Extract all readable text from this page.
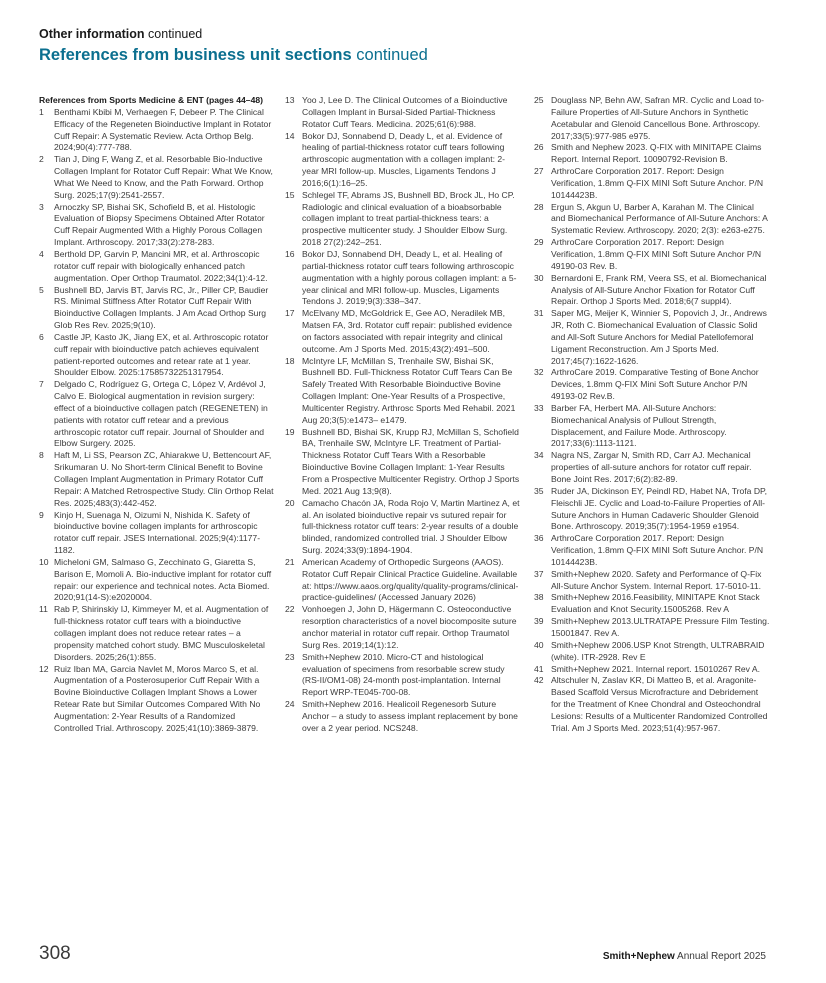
Other information continued
References from business unit sections continued
References from Sports Medicine & ENT (pages 44–48)
1	Benthami Kbibi M, Verhaegen F, Debeer P. The Clinical Efficacy of the Regeneten Bioinductive Implant in Rotator Cuff Repair: A Systematic Review. Acta Orthop Belg. 2024;90(4):777-788.
2	Tian J, Ding F, Wang Z, et al. Resorbable Bio-Inductive Collagen Implant for Rotator Cuff Repair: What We Know, What We Need to Know, and the Path Forward. Orthop Surg. 2025;17(9):2541-2557.
3	Arnoczky SP, Bishai SK, Schofield B, et al. Histologic Evaluation of Biopsy Specimens Obtained After Rotator Cuff Repair Augmented With a Highly Porous Collagen Implant. Arthroscopy. 2017;33(2):278-283.
4	Berthold DP, Garvin P, Mancini MR, et al. Arthroscopic rotator cuff repair with biologically enhanced patch augmentation. Oper Orthop Traumatol. 2022;34(1):4-12.
5	Bushnell BD, Jarvis BT, Jarvis RC, Jr., Piller CP, Baudier RS. Minimal Stiffness After Rotator Cuff Repair With Bioinductive Collagen Implants. J Am Acad Orthop Surg Glob Res Rev. 2025;9(10).
6	Castle JP, Kasto JK, Jiang EX, et al. Arthroscopic rotator cuff repair with bioinductive patch achieves equivalent patient-reported outcomes and retear rate at 1 year. Shoulder Elbow. 2025:17585732251317954.
7	Delgado C, Rodríguez G, Ortega C, López V, Ardévol J, Calvo E. Biological augmentation in revision surgery: effect of a bioinductive collagen patch (REGENETEN) in patients with rotator cuff retear and a previous arthroscopic rotator cuff repair. Journal of Shoulder and Elbow Surgery. 2025.
8	Haft M, Li SS, Pearson ZC, Ahiarakwe U, Bettencourt AF, Srikumaran U. No Short-term Clinical Benefit to Bovine Collagen Implant Augmentation in Primary Rotator Cuff Repair: A Matched Retrospective Study. Clin Orthop Relat Res. 2025;483(3):442-452.
9	Kinjo H, Suenaga N, Oizumi N, Nishida K. Safety of bioinductive bovine collagen implants for arthroscopic rotator cuff repair. JSES International. 2025;9(4):1177-1182.
10 Micheloni GM, Salmaso G, Zecchinato G, Giaretta S, Barison E, Momoli A. Bio-inductive implant for rotator cuff repair: our experience and technical notes. Acta Biomed. 2020;91(14-S):e2020004.
11 Rab P, Shirinskiy IJ, Kimmeyer M, et al. Augmentation of full-thickness rotator cuff tears with a bioinductive collagen implant does not reduce retear rates – a propensity matched cohort study. BMC Musculoskeletal Disorders. 2025;26(1):855.
12 Ruiz Iban MA, Garcia Navlet M, Moros Marco S, et al. Augmentation of a Posterosuperior Cuff Repair With a Bovine Bioinductive Collagen Implant Shows a Lower Retear Rate but Similar Outcomes Compared With No Augmentation: 2-Year Results of a Randomized Controlled Trial. Arthroscopy. 2025;41(10):3869-3879.
13 Yoo J, Lee D. The Clinical Outcomes of a Bioinductive Collagen Implant in Bursal-Sided Partial-Thickness Rotator Cuff Tears. Medicina. 2025;61(6):988.
14 Bokor DJ, Sonnabend D, Deady L, et al. Evidence of healing of partial-thickness rotator cuff tears following arthroscopic augmentation with a collagen implant: 2-year MRI follow-up. Muscles, Ligaments Tendons J 2016;6(1):16–25.
15 Schlegel TF, Abrams JS, Bushnell BD, Brock JL, Ho CP. Radiologic and clinical evaluation of a bioabsorbable collagen implant to treat partial-thickness tears: a prospective multicenter study. J Shoulder Elbow Surg. 2018 27(2):242–251.
16 Bokor DJ, Sonnabend DH, Deady L, et al. Healing of partial-thickness rotator cuff tears following arthroscopic augmentation with a highly porous collagen implant: a 5-year clinical and MRI follow-up. Muscles, Ligaments Tendons J. 2019;9(3):338–347.
17 McElvany MD, McGoldrick E, Gee AO, Neradilek MB, Matsen FA, 3rd. Rotator cuff repair: published evidence on factors associated with repair integrity and clinical outcome. Am J Sports Med. 2015;43(2):491–500.
18 McIntyre LF, McMillan S, Trenhaile SW, Bishai SK, Bushnell BD. Full-Thickness Rotator Cuff Tears Can Be Safely Treated With Resorbable Bioinductive Bovine Collagen Implant: One-Year Results of a Prospective, Multicenter Registry. Arthrosc Sports Med Rehabil. 2021 Aug 20;3(5):e1473– e1479.
19 Bushnell BD, Bishai SK, Krupp RJ, McMillan S, Schofield BA, Trenhaile SW, McIntyre LF. Treatment of Partial-Thickness Rotator Cuff Tears With a Resorbable Bioinductive Bovine Collagen Implant: 1-Year Results From a Prospective Multicenter Registry. Orthop J Sports Med. 2021 Aug 13;9(8).
20 Camacho Chacón JA, Roda Rojo V, Martin Martinez A, et al. An isolated bioinductive repair vs sutured repair for full-thickness rotator cuff tears: 2-year results of a double blinded, randomized controlled trial. J Shoulder Elbow Surg. 2024;33(9):1894-1904.
21 American Academy of Orthopedic Surgeons (AAOS). Rotator Cuff Repair Clinical Practice Guideline. Available at: https://www.aaos.org/quality/quality-programs/clinical-practice-guidelines/ (Accessed January 2026)
22 Vonhoegen J, John D, Hägermann C. Osteoconductive resorption characteristics of a novel biocomposite suture anchor material in rotator cuff repair. Orthop Traumatol Surg Res. 2019;14(1):12.
23 Smith+Nephew 2010. Micro-CT and histological evaluation of specimens from resorbable screw study (RS-II/OM1-08) 24-month post-implantation. Internal Report WRP-TE045-700-08.
24 Smith+Nephew 2016. Healicoil Regenesorb Suture Anchor – a study to assess implant replacement by bone over a 2 year period. NCS248.
25 Douglass NP, Behn AW, Safran MR. Cyclic and Load to-Failure Properties of All-Suture Anchors in Synthetic Acetabular and Glenoid Cancellous Bone. Arthroscopy. 2017;33(5):977-985 e975.
26 Smith and Nephew 2023. Q-FIX with MINITAPE Claims Report. Internal Report. 10090792-Revision B.
27 ArthroCare Corporation 2017. Report: Design Verification, 1.8mm Q-FIX MINI Soft Suture Anchor. P/N 10144423B.
28 Ergun S, Akgun U, Barber A, Karahan M. The Clinical and Biomechanical Performance of All-Suture Anchors: A Systematic Review. Arthroscopy. 2020; 2(3): e263-e275.
29 ArthroCare Corporation 2017. Report: Design Verification, 1.8mm Q-FIX MINI Soft Suture Anchor P/N 49190-03 Rev. B.
30 Bernardoni E, Frank RM, Veera SS, et al. Biomechanical Analysis of All-Suture Anchor Fixation for Rotator Cuff Repair. Orthop J Sports Med. 2018;6(7 suppl4).
31 Saper MG, Meijer K, Winnier S, Popovich J, Jr., Andrews JR, Roth C. Biomechanical Evaluation of Classic Solid and All-Soft Suture Anchors for Medial Patellofemoral Ligament Reconstruction. Am J Sports Med. 2017;45(7):1622-1626.
32 ArthroCare 2019. Comparative Testing of Bone Anchor Devices, 1.8mm Q-FIX Mini Soft Suture Anchor P/N 49193-02 Rev.B.
33 Barber FA, Herbert MA. All-Suture Anchors: Biomechanical Analysis of Pullout Strength, Displacement, and Failure Mode. Arthroscopy. 2017;33(6):1113-1121.
34 Nagra NS, Zargar N, Smith RD, Carr AJ. Mechanical properties of all-suture anchors for rotator cuff repair. Bone Joint Res. 2017;6(2):82-89.
35 Ruder JA, Dickinson EY, Peindl RD, Habet NA, Trofa DP, Fleischli JE. Cyclic and Load-to-Failure Properties of All-Suture Anchors in Human Cadaveric Shoulder Glenoid Bone. Arthroscopy. 2019;35(7):1954-1959 e1954.
36 ArthroCare Corporation 2017. Report: Design Verification, 1.8mm Q-FIX MINI Soft Suture Anchor. P/N 10144423B.
37 Smith+Nephew 2020. Safety and Performance of Q-Fix All-Suture Anchor System. Internal Report. 17-5010-11.
38 Smith+Nephew 2016.Feasibility, MINITAPE Knot Stack Evaluation and Knot Security.15005268. Rev A
39 Smith+Nephew 2013.ULTRATAPE Pressure Film Testing. 15001847. Rev A.
40 Smith+Nephew 2006.USP Knot Strength, ULTRABRAID (white). ITR-2928. Rev E
41 Smith+Nephew 2021. Internal report. 15010267 Rev A.
42 Altschuler N, Zaslav KR, Di Matteo B, et al. Aragonite-Based Scaffold Versus Microfracture and Debridement for the Treatment of Knee Chondral and Osteochondral Lesions: Results of a Multicenter Randomized Controlled Trial. Am J Sports Med. 2023;51(4):957-967.
308	Smith+Nephew Annual Report 2025
